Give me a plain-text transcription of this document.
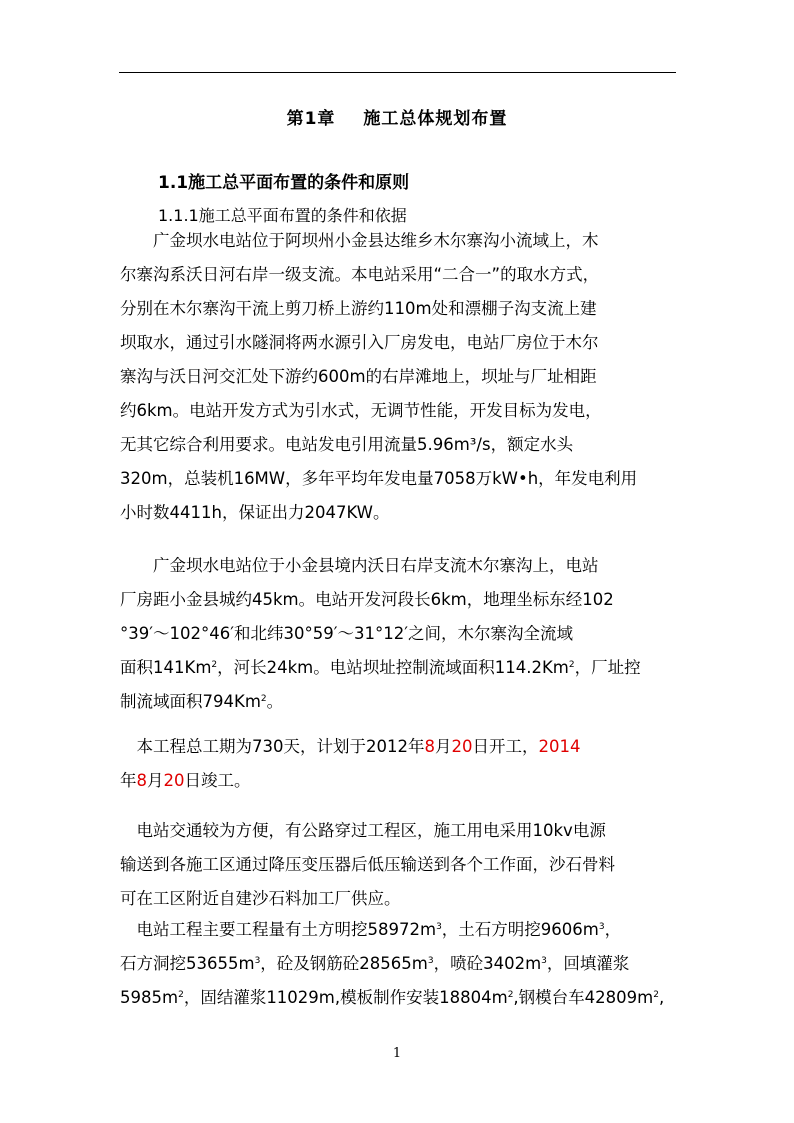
第1章 施工总体规划布置
1.1施工总平面布置的条件和原则
1.1.1施工总平面布置的条件和依据
　　广金坝水电站位于阿坝州小金县达维乡木尔寨沟小流域上，木
尔寨沟系沃日河右岸一级支流。本电站采用“二合一”的取水方式，
分别在木尔寨沟干流上剪刀桥上游约110m处和漂棚子沟支流上建
坝取水，通过引水隧洞将两水源引入厂房发电，电站厂房位于木尔
寨沟与沃日河交汇处下游约600m的右岸滩地上，坝址与厂址相距
约6km。电站开发方式为引水式，无调节性能，开发目标为发电，
无其它综合利用要求。电站发电引用流量5.96m³/s，额定水头
320m，总装机16MW，多年平均年发电量7058万kW•h，年发电利用
小时数4411h，保证出力2047KW。
　　广金坝水电站位于小金县境内沃日右岸支流木尔寨沟上，电站
厂房距小金县城约45km。电站开发河段长6km，地理坐标东经102
°39′～102°46′和北纬30°59′～31°12′之间，木尔寨沟全流域
面积141Km$^2$，河长24km。电站坝址控制流域面积114.2Km$^2$，厂址控
制流域面积794Km$^2$。
　本工程总工期为730天，计划于2012年8月20日开工，2014
年8月20日竣工。
　电站交通较为方便，有公路穿过工程区，施工用电采用10kv电源
输送到各施工区通过降压变压器后低压输送到各个工作面，沙石骨料
可在工区附近自建沙石料加工厂供应。
　电站工程主要工程量有土方明挖$58972m^3$，土石方明挖$9606m^3$，
石方洞挖$53655m^3$，砼及钢筋砼$28565m^3$，喷砼$3402m^3$，回填灌浆
$5985m^2$，固结灌浆11029m,模板制作安装$18804m^2$,钢模台车$42809m^2$,
1
